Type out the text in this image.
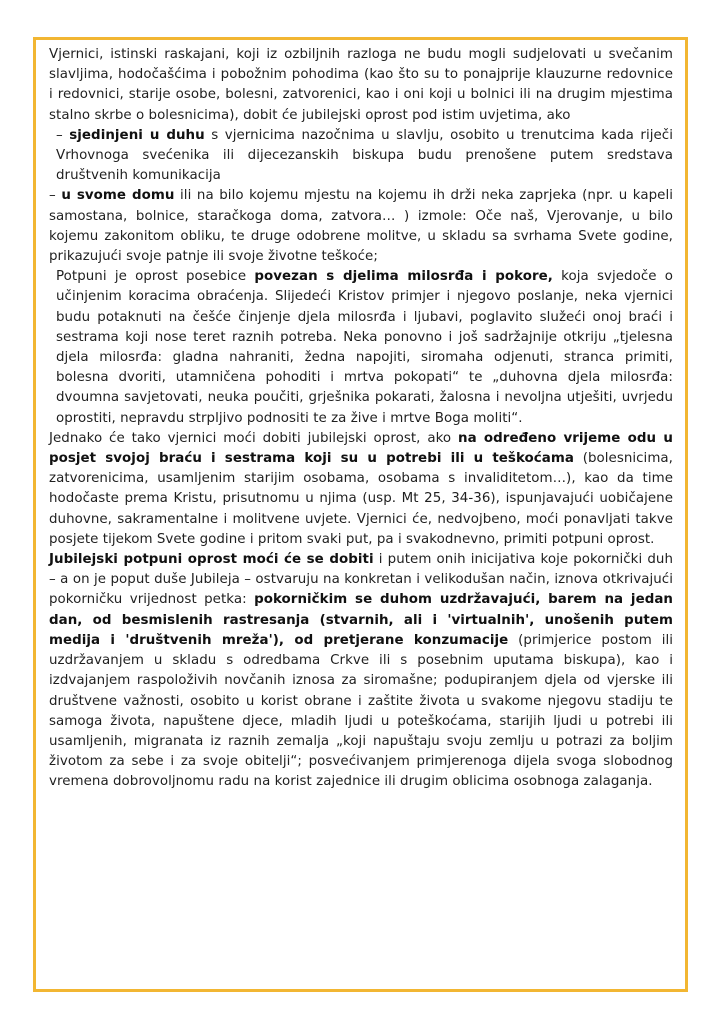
Vjernici, istinski raskajani, koji iz ozbiljnih razloga ne budu mogli sudjelovati u svečanim slavljima, hodočašćima i pobožnim pohodima (kao što su to ponajprije klauzurne redovnice i redovnici, starije osobe, bolesni, zatvorenici, kao i oni koji u bolnici ili na drugim mjestima stalno skrbe o bolesnicima), dobit će jubilejski oprost pod istim uvjetima, ako

– sjedinjeni u duhu s vjernicima nazočnima u slavlju, osobito u trenutcima kada riječi Vrhovnoga svećenika ili dijecezanskih biskupa budu prenošene putem sredstava društvenih komunikacija

– u svome domu ili na bilo kojemu mjestu na kojemu ih drži neka zaprjeka (npr. u kapeli samostana, bolnice, staračkoga doma, zatvora… ) izmole: Oče naš, Vjerovanje, u bilo kojemu zakonitom obliku, te druge odobrene molitve, u skladu sa svrhama Svete godine, prikazujući svoje patnje ili svoje životne teškoće;

Potpuni je oprost posebice povezan s djelima milosrđa i pokore, koja svjedoče o učinjenim koracima obraćenja. Slijedeći Kristov primjer i njegovo poslanje, neka vjernici budu potaknuti na češće činjenje djela milosrđa i ljubavi, poglavito služeći onoj braći i sestrama koji nose teret raznih potreba. Neka ponovno i još sadržajnije otkriju „tjelesna djela milosrđa: gladna nahraniti, žedna napojiti, siromaha odjenuti, stranca primiti, bolesna dvoriti, utamničena pohoditi i mrtva pokopati“ te „duhovna djela milosrđa: dvoumna savjetovati, neuka poučiti, grješnika pokarati, žalosna i nevoljna utješiti, uvrjedu oprostiti, nepravdu strpljivo podnositi te za žive i mrtve Boga moliti“.

Jednako će tako vjernici moći dobiti jubilejski oprost, ako na određeno vrijeme odu u posjet svojoj braću i sestrama koji su u potrebi ili u teškoćama (bolesnicima, zatvorenicima, usamljenim starijim osobama, osobama s invaliditetom…), kao da time hodočaste prema Kristu, prisutnomu u njima (usp. Mt 25, 34-36), ispunjavajući uobičajene duhovne, sakramentalne i molitvene uvjete. Vjernici će, nedvojbeno, moći ponavljati takve posjete tijekom Svete godine i pritom svaki put, pa i svakodnevno, primiti potpuni oprost.

Jubilejski potpuni oprost moći će se dobiti i putem onih inicijativa koje pokornički duh – a on je poput duše Jubileja – ostvaruju na konkretan i velikodušan način, iznova otkrivajući pokorničku vrijednost petka: pokorničkim se duhom uzdržavajući, barem na jedan dan, od besmislenih rastresanja (stvarnih, ali i 'virtualnih', unošenih putem medija i 'društvenih mreža'), od pretjerane konzumacije (primjerice postom ili uzdržavanjem u skladu s odredbama Crkve ili s posebnim uputama biskupa), kao i izdvajanjem raspoloživih novčanih iznosa za siromašne; podupiranjem djela od vjerske ili društvene važnosti, osobito u korist obrane i zaštite života u svakome njegovu stadiju te samoga života, napuštene djece, mladih ljudi u poteškoćama, starijih ljudi u potrebi ili usamljenih, migranata iz raznih zemalja „koji napuštaju svoju zemlju u potrazi za boljim životom za sebe i za svoje obitelji“; posvećivanjem primjerenoga dijela svoga slobodnog vremena dobrovoljnomu radu na korist zajednice ili drugim oblicima osobnoga zalaganja.
